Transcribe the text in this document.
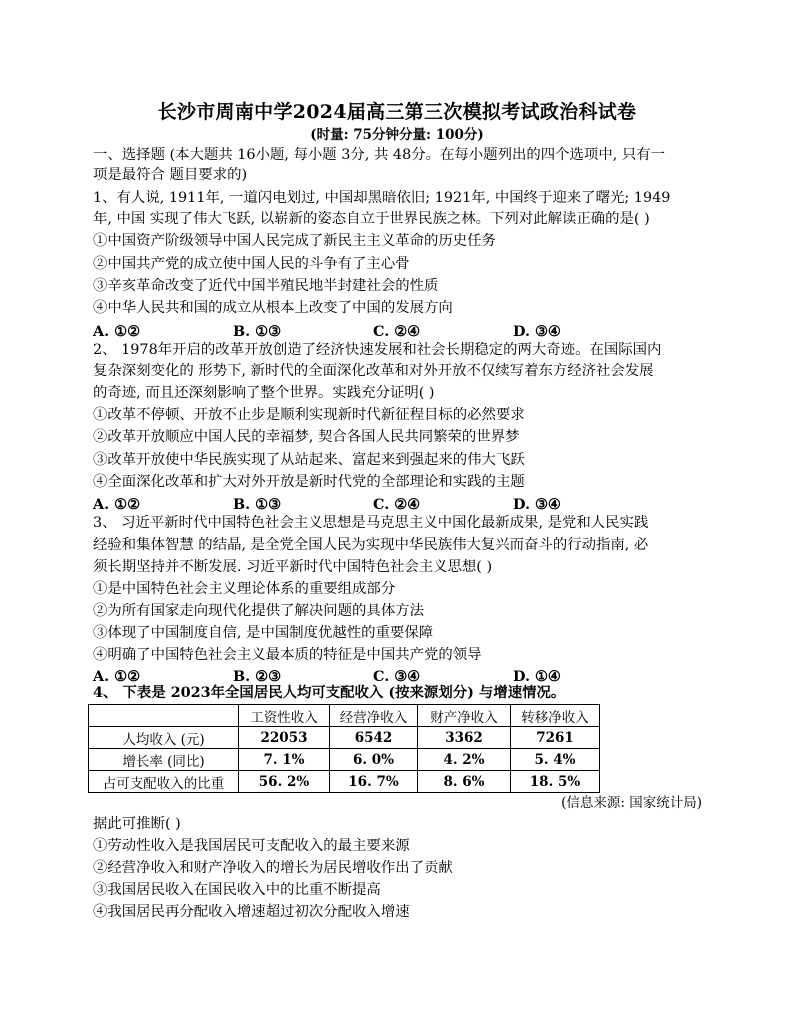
长沙市周南中学2024届高三第三次模拟考试政治科试卷
(时量: 75分钟分量: 100分)
一、选择题 (本大题共 16小题, 每小题 3分, 共 48分。在每小题列出的四个选项中, 只有一
项是最符合 题目要求的)
1、有人说, 1911年, 一道闪电划过, 中国却黑暗依旧; 1921年, 中国终于迎来了曙光; 1949
年, 中国 实现了伟大飞跃, 以崭新的姿态自立于世界民族之林。下列对此解读正确的是( )
①中国资产阶级领导中国人民完成了新民主主义革命的历史任务
②中国共产党的成立使中国人民的斗争有了主心骨
③辛亥革命改变了近代中国半殖民地半封建社会的性质
④中华人民共和国的成立从根本上改变了中国的发展方向
A. ①②	B. ①③	C. ②④	D. ③④
2、 1978年开启的改革开放创造了经济快速发展和社会长期稳定的两大奇迹。在国际国内
复杂深刻变化的 形势下, 新时代的全面深化改革和对外开放不仅续写着东方经济社会发展
的奇迹, 而且还深刻影响了整个世界。实践充分证明( )
①改革不停顿、开放不止步是顺利实现新时代新征程目标的必然要求
②改革开放顺应中国人民的幸福梦, 契合各国人民共同繁荣的世界梦
③改革开放使中华民族实现了从站起来、富起来到强起来的伟大飞跃
④全面深化改革和扩大对外开放是新时代党的全部理论和实践的主题
A. ①②	B. ①③	C. ②④	D. ③④
3、 习近平新时代中国特色社会主义思想是马克思主义中国化最新成果, 是党和人民实践
经验和集体智慧 的结晶, 是全党全国人民为实现中华民族伟大复兴而奋斗的行动指南, 必
须长期坚持并不断发展. 习近平新时代中国特色社会主义思想( )
①是中国特色社会主义理论体系的重要组成部分
②为所有国家走向现代化提供了解决问题的具体方法
③体现了中国制度自信, 是中国制度优越性的重要保障
④明确了中国特色社会主义最本质的特征是中国共产党的领导
A. ①②	B. ②③	C. ③④	D. ①④
4、 下表是 2023年全国居民人均可支配收入 (按来源划分) 与增速情况。
	工资性收入	经营净收入	财产净收入	转移净收入
人均收入 (元)	22053	6542	3362	7261
增长率 (同比)	7. 1%	6. 0%	4. 2%	5. 4%
占可支配收入的比重	56. 2%	16. 7%	8. 6%	18. 5%
(信息来源: 国家统计局)
据此可推断( )
①劳动性收入是我国居民可支配收入的最主要来源
②经营净收入和财产净收入的增长为居民增收作出了贡献
③我国居民收入在国民收入中的比重不断提高
④我国居民再分配收入增速超过初次分配收入增速
